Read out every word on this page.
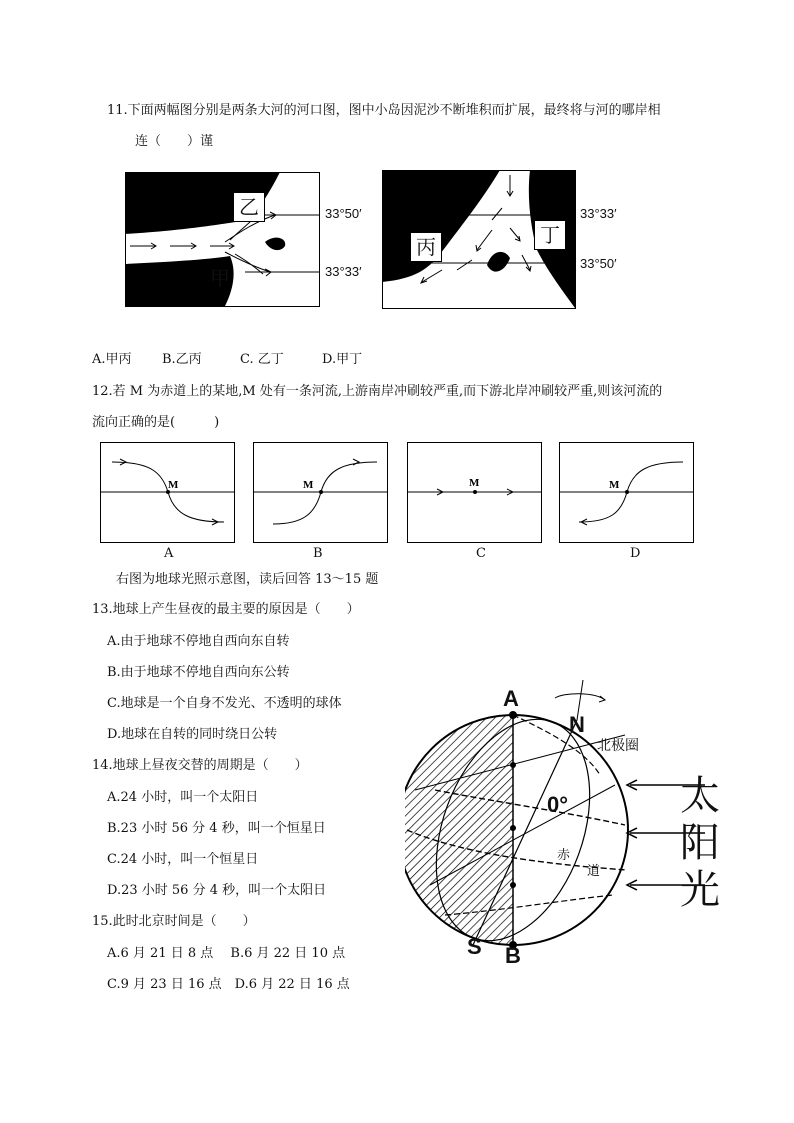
11.下面两幅图分别是两条大河的河口图，图中小岛因泥沙不断堆积而扩展，最终将与河的哪岸相
连（　　）谨
乙
甲
33°50′
33°33′
丙	丁
33°33′
33°50′
A.甲丙 B.乙丙	C. 乙丁	D.甲丁
12.若 M 为赤道上的某地,M 处有一条河流,上游南岸冲刷较严重,而下游北岸冲刷较严重,则该河流的
流向正确的是(　　　)
M	M	M	M
A	B	C	D
右图为地球光照示意图，读后回答 13～15 题
13.地球上产生昼夜的最主要的原因是（　　）
A.由于地球不停地自西向东自转
B.由于地球不停地自西向东公转
C.地球是一个自身不发光、不透明的球体
D.地球在自转的同时绕日公转
14.地球上昼夜交替的周期是（　　）
A.24 小时，叫一个太阳日
B.23 小时 56 分 4 秒，叫一个恒星日
C.24 小时，叫一个恒星日
D.23 小时 56 分 4 秒，叫一个太阳日
15.此时北京时间是（　　）
A.6 月 21 日 8 点　 B.6 月 22 日 10 点
C.9 月 23 日 16 点　D.6 月 22 日 16 点
A
B
N
S
北极圈
0°
赤
道
太
阳
光
